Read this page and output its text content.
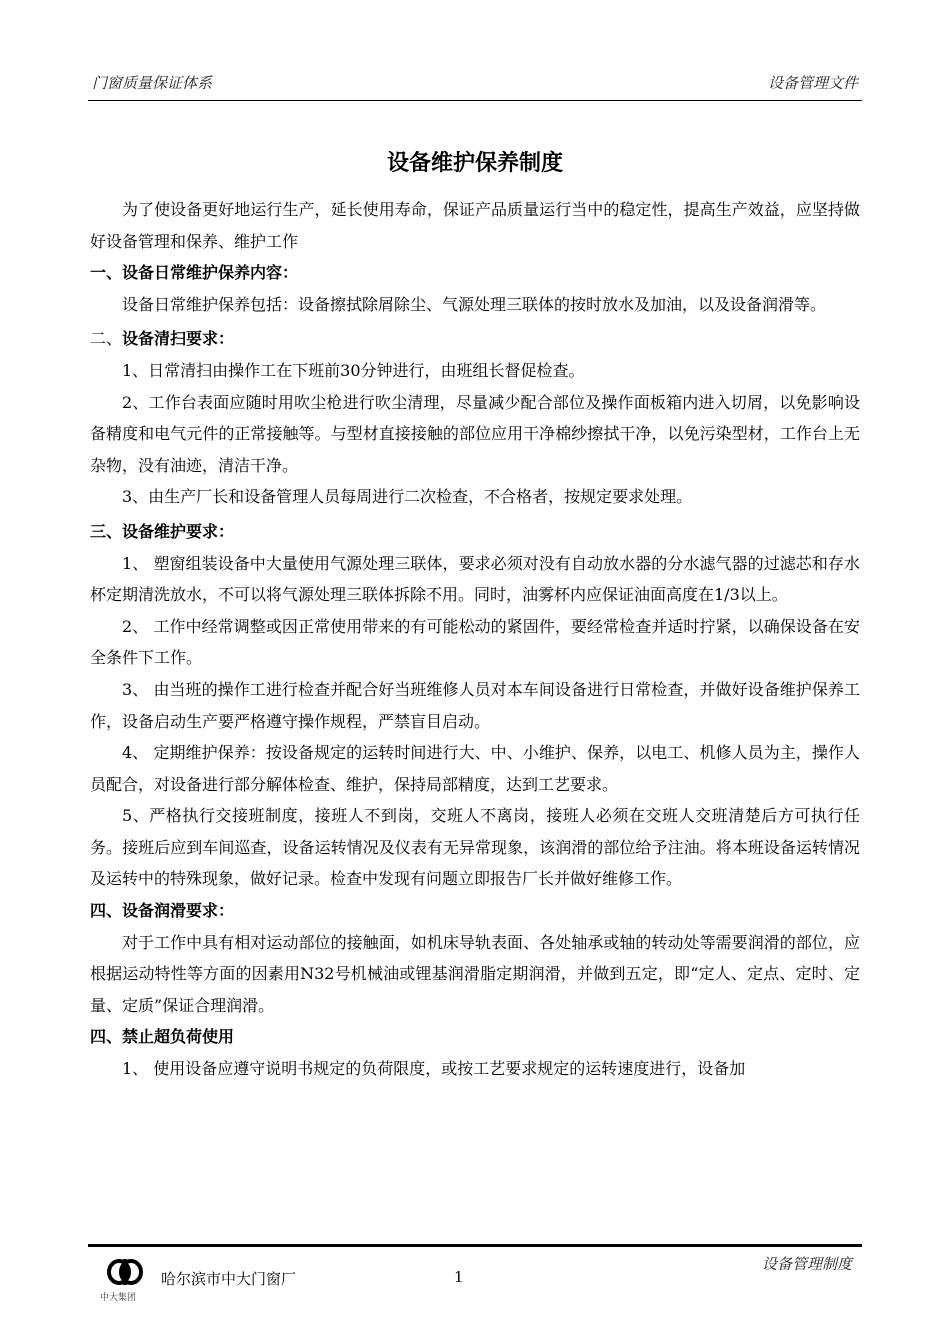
门窗质量保证体系	设备管理文件
设备维护保养制度

为了使设备更好地运行生产，延长使用寿命，保证产品质量运行当中的稳定性，提高生产效益，应坚持做好设备管理和保养、维护工作

一、设备日常维护保养内容：

设备日常维护保养包括：设备擦拭除屑除尘、气源处理三联体的按时放水及加油，以及设备润滑等。

二、设备清扫要求：

1、日常清扫由操作工在下班前30分钟进行，由班组长督促检查。

2、工作台表面应随时用吹尘枪进行吹尘清理，尽量减少配合部位及操作面板箱内进入切屑，以免影响设备精度和电气元件的正常接触等。与型材直接接触的部位应用干净棉纱擦拭干净，以免污染型材，工作台上无杂物，没有油迹，清洁干净。

3、由生产厂长和设备管理人员每周进行二次检查，不合格者，按规定要求处理。

三、设备维护要求：

1、 塑窗组装设备中大量使用气源处理三联体，要求必须对没有自动放水器的分水滤气器的过滤芯和存水杯定期清洗放水，不可以将气源处理三联体拆除不用。同时，油雾杯内应保证油面高度在1/3以上。

2、 工作中经常调整或因正常使用带来的有可能松动的紧固件，要经常检查并适时拧紧，以确保设备在安全条件下工作。

3、 由当班的操作工进行检查并配合好当班维修人员对本车间设备进行日常检查，并做好设备维护保养工作，设备启动生产要严格遵守操作规程，严禁盲目启动。

4、 定期维护保养：按设备规定的运转时间进行大、中、小维护、保养，以电工、机修人员为主，操作人员配合，对设备进行部分解体检查、维护，保持局部精度，达到工艺要求。

5、严格执行交接班制度，接班人不到岗，交班人不离岗，接班人必须在交班人交班清楚后方可执行任务。接班后应到车间巡查，设备运转情况及仪表有无异常现象，该润滑的部位给予注油。将本班设备运转情况及运转中的特殊现象，做好记录。检查中发现有问题立即报告厂长并做好维修工作。

四、设备润滑要求：

对于工作中具有相对运动部位的接触面，如机床导轨表面、各处轴承或轴的转动处等需要润滑的部位，应根据运动特性等方面的因素用N32号机械油或锂基润滑脂定期润滑，并做到五定，即“定人、定点、定时、定量、定质”保证合理润滑。

四、禁止超负荷使用

1、 使用设备应遵守说明书规定的负荷限度，或按工艺要求规定的运转速度进行，设备加

设备管理制度
中大集团
哈尔滨市中大门窗厂	1
